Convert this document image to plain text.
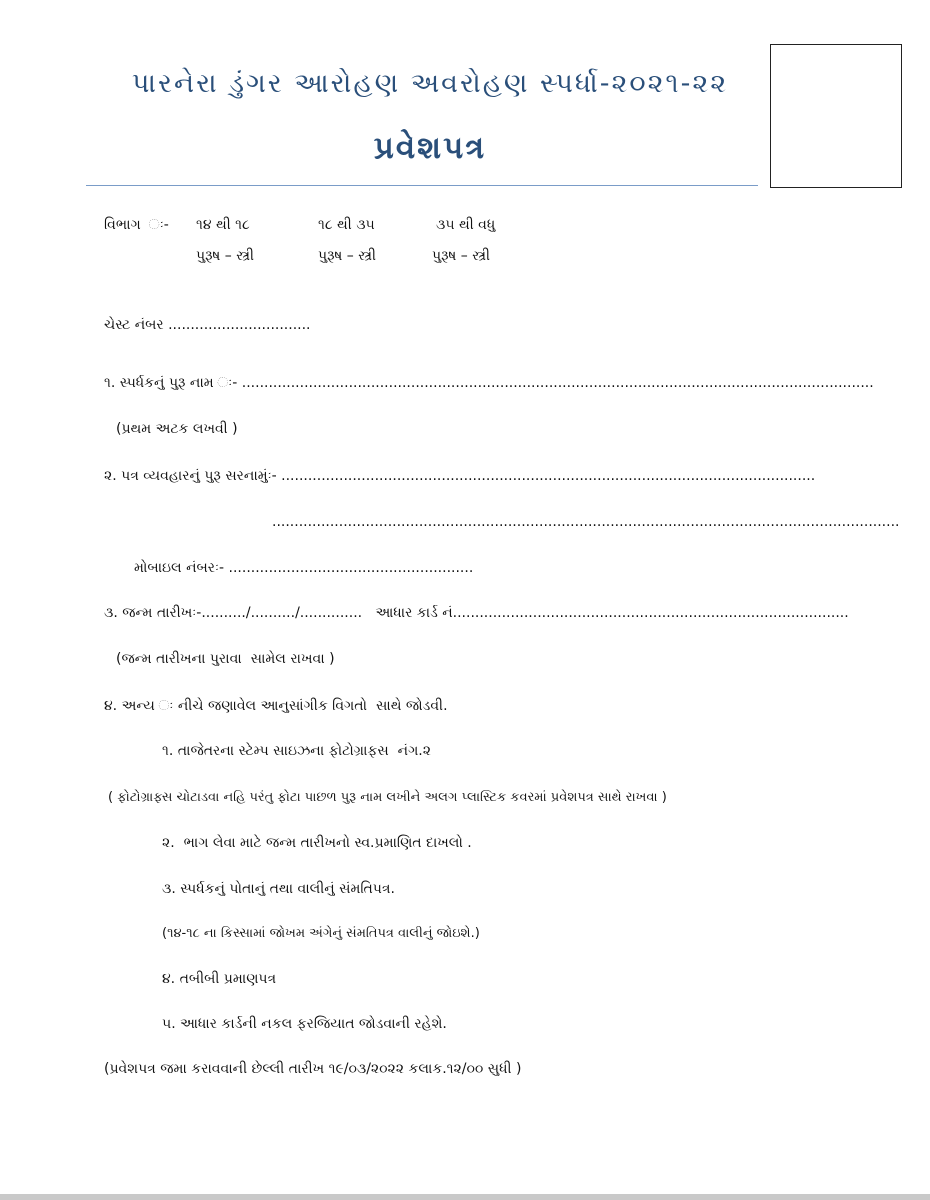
પારનેરા ડુંગર આરોહણ અવરોહણ સ્પર્ધા-૨૦૨૧-૨૨
પ્રવેશપત્ર
વિભાગ  ઃ- ૧૪ થી ૧૮	૧૮ થી ૩૫	૩૫ થી વધુ
પુરૂષ – સ્ત્રી	પુરૂષ – સ્ત્રી	પુરૂષ – સ્ત્રી
ચેસ્ટ નંબર ................................
૧. સ્પર્ધકનું પુરૂ નામ ઃ- ..............................................................................................................................................
(પ્રથમ અટક લખવી )
૨. પત્ર વ્યવહારનું પુરૂ સરનામુંઃ- ........................................................................................................................
.............................................................................................................................................
મોબાઇલ નંબરઃ- .......................................................
૩. જન્મ તારીખઃ-........../........../..............   આધાર કાર્ડ નં.........................................................................................
(જન્મ તારીખના પુરાવા  સામેલ રાખવા )
૪. અન્ય ઃ નીચે જણાવેલ આનુસાંગીક વિગતો  સાથે જોડવી.
૧. તાજેતરના સ્ટેમ્પ સાઇઝના ફોટોગ્રાફસ  નંગ.૨
( ફોટોગ્રાફ્સ ચોટાડવા નહિ પરંતુ ફોટા પાછળ પુરૂ નામ લખીને અલગ પ્લાસ્ટિક કવરમાં પ્રવેશપત્ર સાથે રાખવા )
૨.  ભાગ લેવા માટે જન્મ તારીખનો સ્વ.પ્રમાણિત દાખલો .
૩. સ્પર્ધકનું પોતાનું તથા વાલીનું સંમતિપત્ર.
(૧૪-૧૮ ના કિસ્સામાં જોખમ અંગેનું સંમતિપત્ર વાલીનું જોઇશે.)
૪. તબીબી પ્રમાણપત્ર
૫. આધાર કાર્ડની નકલ ફરજિયાત જોડવાની રહેશે.
(પ્રવેશપત્ર જમા કરાવવાની છેલ્લી તારીખ ૧૯/૦૩/૨૦૨૨ કલાક.૧૨/૦૦ સુધી )
